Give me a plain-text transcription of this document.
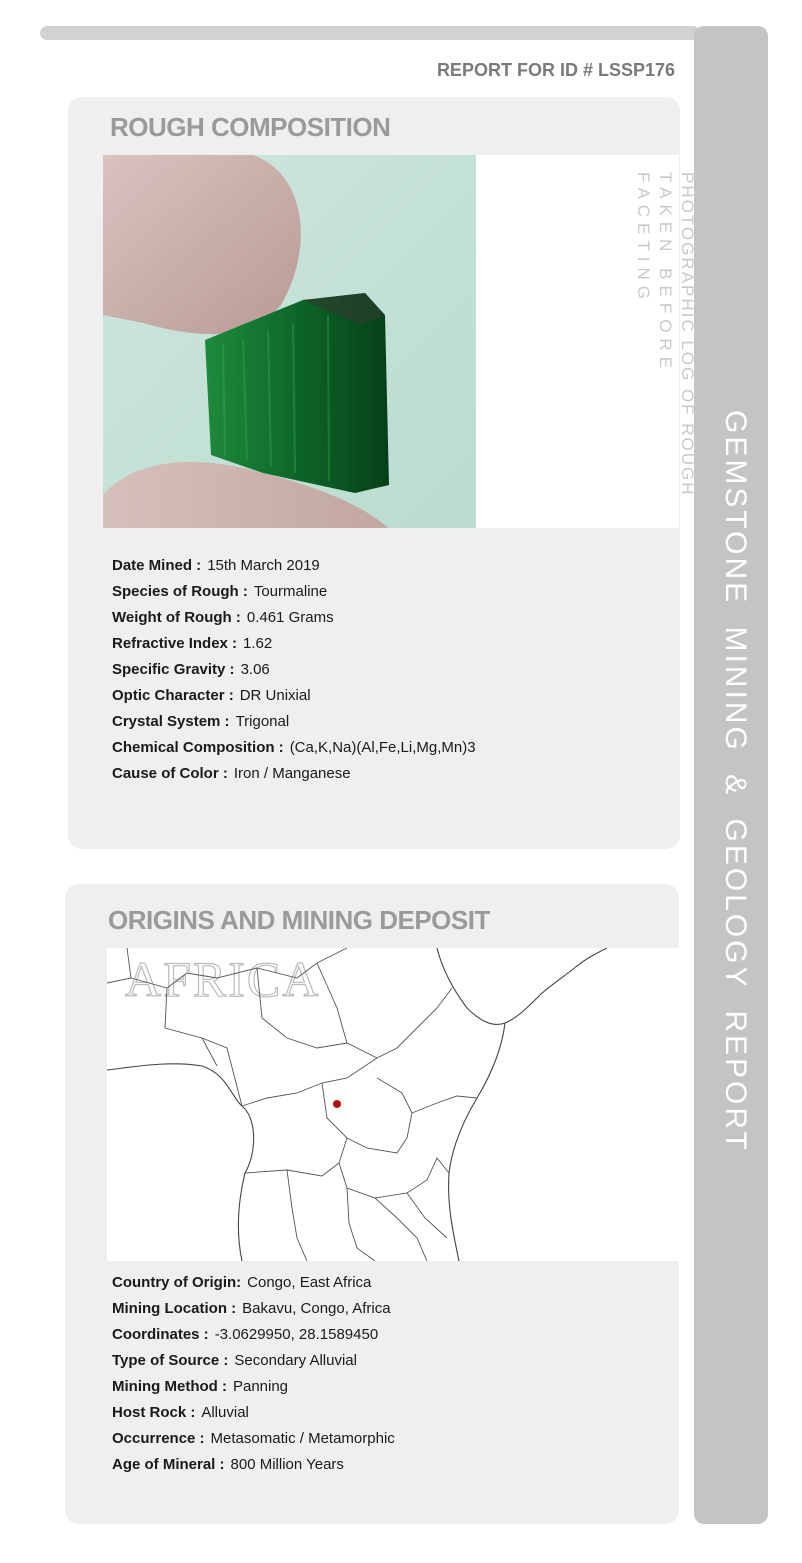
GEMSTONE MINING & GEOLOGY REPORT
REPORT FOR ID # LSSP176
ROUGH COMPOSITION
PHOTOGRAPHIC LOG OF ROUGH
TAKEN BEFORE FACETING
Date Mined : 15th March 2019
Species of Rough : Tourmaline
Weight of Rough : 0.461 Grams
Refractive Index : 1.62
Specific Gravity : 3.06
Optic Character : DR Unixial
Crystal System : Trigonal
Chemical Composition : (Ca,K,Na)(Al,Fe,Li,Mg,Mn)3
Cause of Color : Iron / Manganese
ORIGINS AND MINING DEPOSIT
AFRICA
Country of Origin: Congo, East Africa
Mining Location : Bakavu, Congo, Africa
Coordinates : -3.0629950, 28.1589450
Type of Source : Secondary Alluvial
Mining Method : Panning
Host Rock : Alluvial
Occurrence : Metasomatic / Metamorphic
Age of Mineral : 800 Million Years
